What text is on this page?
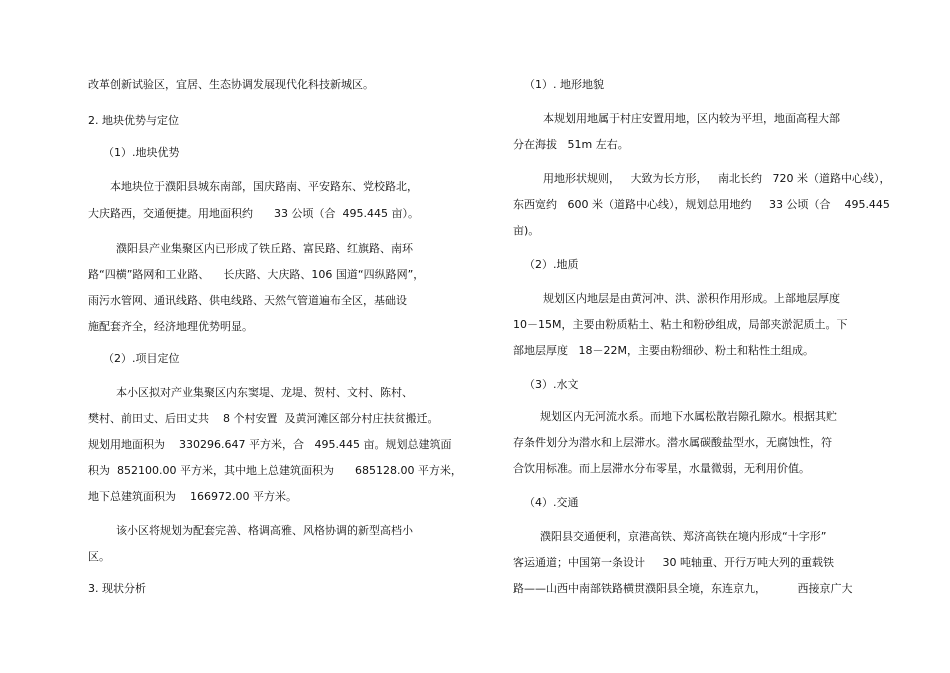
改革创新试验区，宜居、生态协调发展现代化科技新城区。

2. 地块优势与定位

（1）.地块优势

本地块位于濮阳县城东南部，国庆路南、平安路东、党校路北，

大庆路西，交通便捷。用地面积约      33 公顷（合  495.445 亩）。

濮阳县产业集聚区内已形成了铁丘路、富民路、红旗路、南环

路“四横”路网和工业路、    长庆路、大庆路、106 国道“四纵路网”，

雨污水管网、通讯线路、供电线路、天然气管道遍布全区，基础设

施配套齐全，经济地理优势明显。

（2）.项目定位

本小区拟对产业集聚区内东窦堤、龙堤、贺村、文村、陈村、

樊村、前田丈、后田丈共    8 个村安置  及黄河滩区部分村庄扶贫搬迁。

规划用地面积为    330296.647 平方米，合   495.445 亩。规划总建筑面

积为  852100.00 平方米，其中地上总建筑面积为      685128.00 平方米，

地下总建筑面积为    166972.00 平方米。

该小区将规划为配套完善、格调高雅、风格协调的新型高档小

区。

3. 现状分析

（1）. 地形地貌

本规划用地属于村庄安置用地，区内较为平坦，地面高程大部

分在海拔   51m 左右。

用地形状规则，   大致为长方形，   南北长约   720 米（道路中心线），

东西宽约   600 米（道路中心线），规划总用地约     33 公顷（合    495.445

亩)。

（2）.地质

规划区内地层是由黄河冲、洪、淤积作用形成。上部地层厚度

10－15M，主要由粉质粘土、粘土和粉砂组成，局部夹淤泥质土。下

部地层厚度   18－22M，主要由粉细砂、粉土和粘性土组成。

（3）.水文

规划区内无河流水系。而地下水属松散岩隙孔隙水。根据其贮

存条件划分为潜水和上层滞水。潜水属碳酸盐型水，无腐蚀性，符

合饮用标准。而上层滞水分布零星，水量微弱，无利用价值。

（4）.交通

濮阳县交通便利，京港高铁、郑济高铁在境内形成“十字形”

客运通道；中国第一条设计     30 吨轴重、开行万吨大列的重载铁

路——山西中南部铁路横贯濮阳县全境，东连京九，         西接京广大
